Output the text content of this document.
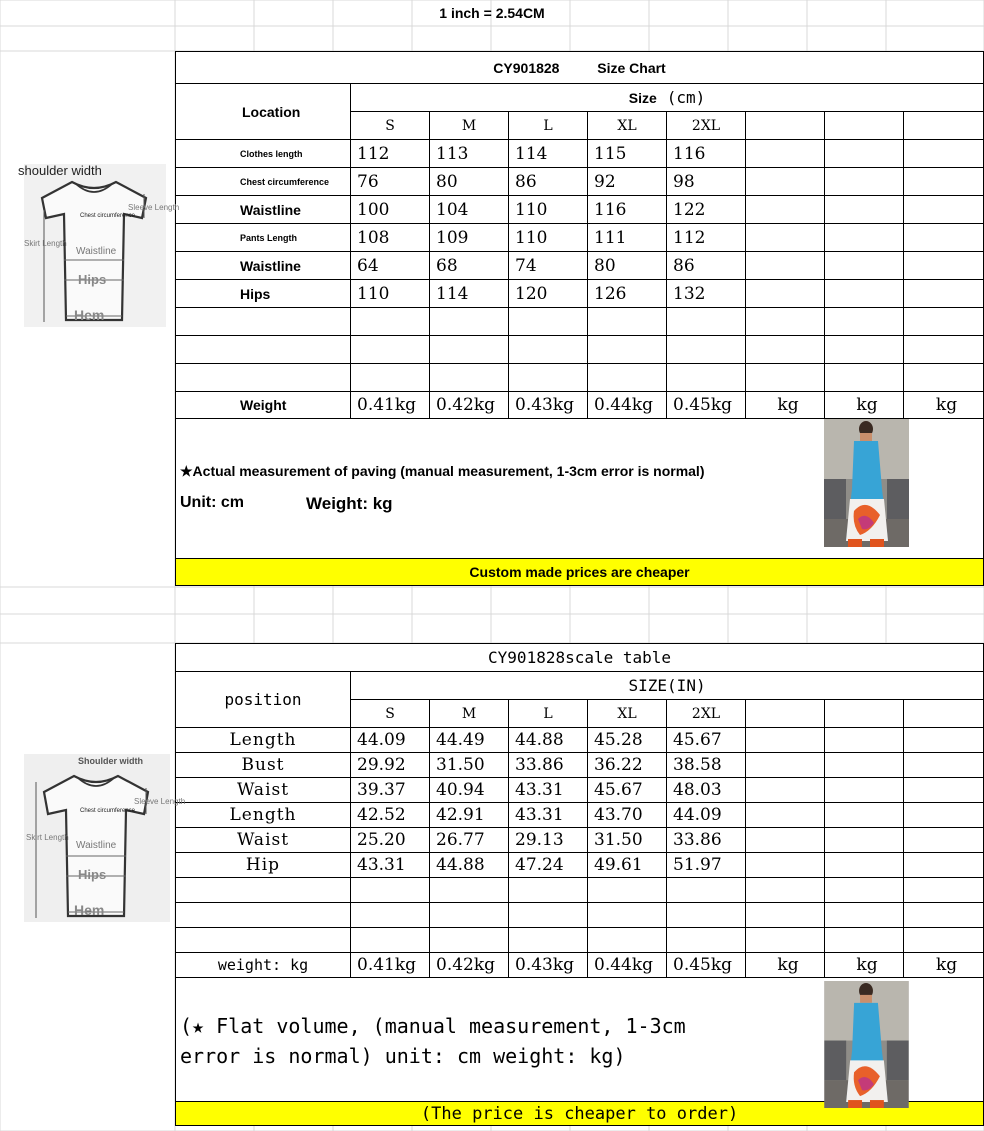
1 inch = 2.54CM
CY901828 Size Chart								
Location	Size (cm)							
	S	M	L	XL	2XL			
Clothes length	112	113	114	115	116			
Chest circumference	76	80	86	92	98			
Waistline	100	104	110	116	122			
Pants Length	108	109	110	111	112			
Waistline	64	68	74	80	86			
Hips	110	114	120	126	132			

Weight	0.41kg	0.42kg	0.43kg	0.44kg	0.45kg	kg	kg	kg

★Actual measurement of paving (manual measurement, 1-3cm error is normal)
Unit: cm Weight: kg								

Custom made prices are cheaper								
shoulder width
Chest circumference
Sleeve Length
Skirt Length
Waistline
Hips
Hem
CY901828scale table								
position	SIZE(IN)							
	S	M	L	XL	2XL			
Length	44.09	44.49	44.88	45.28	45.67			
Bust	29.92	31.50	33.86	36.22	38.58			
Waist	39.37	40.94	43.31	45.67	48.03			
Length	42.52	42.91	43.31	43.70	44.09			
Waist	25.20	26.77	29.13	31.50	33.86			
Hip	43.31	44.88	47.24	49.61	51.97			

weight: kg	0.41kg	0.42kg	0.43kg	0.44kg	0.45kg	kg	kg	kg

(★ Flat volume, (manual measurement, 1-3cm
error is normal) unit: cm weight: kg)								

(The price is cheaper to order)								
Shoulder width
Chest circumference
Sleeve Length
Skirt Length
Waistline
Hips
Hem
